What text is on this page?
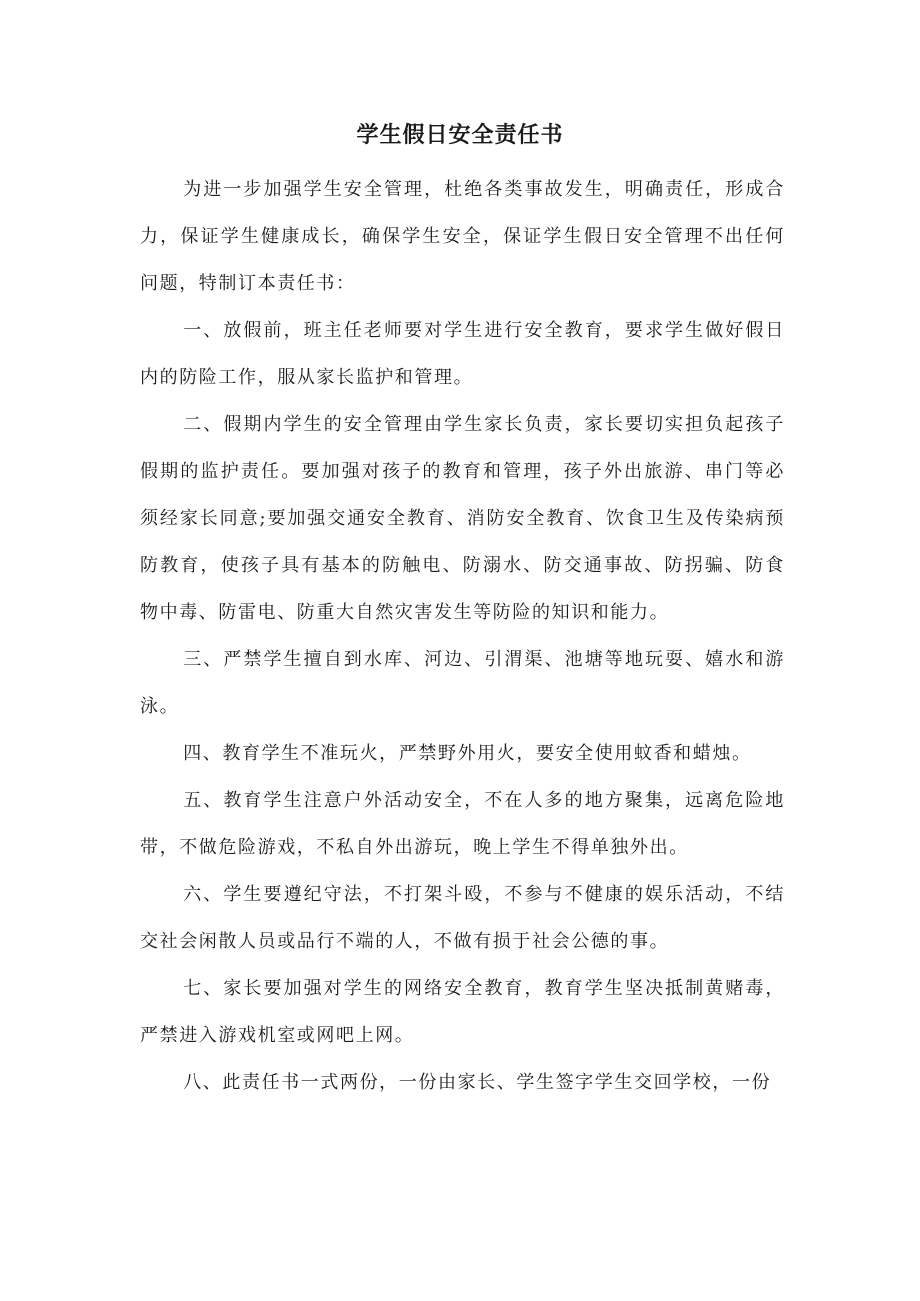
学生假日安全责任书

为进一步加强学生安全管理，杜绝各类事故发生，明确责任，形成合力，保证学生健康成长，确保学生安全，保证学生假日安全管理不出任何问题，特制订本责任书：

一、放假前，班主任老师要对学生进行安全教育，要求学生做好假日内的防险工作，服从家长监护和管理。

二、假期内学生的安全管理由学生家长负责，家长要切实担负起孩子假期的监护责任。要加强对孩子的教育和管理，孩子外出旅游、串门等必须经家长同意;要加强交通安全教育、消防安全教育、饮食卫生及传染病预防教育，使孩子具有基本的防触电、防溺水、防交通事故、防拐骗、防食物中毒、防雷电、防重大自然灾害发生等防险的知识和能力。

三、严禁学生擅自到水库、河边、引渭渠、池塘等地玩耍、嬉水和游泳。

四、教育学生不准玩火，严禁野外用火，要安全使用蚊香和蜡烛。

五、教育学生注意户外活动安全，不在人多的地方聚集，远离危险地带，不做危险游戏，不私自外出游玩，晚上学生不得单独外出。

六、学生要遵纪守法，不打架斗殴，不参与不健康的娱乐活动，不结交社会闲散人员或品行不端的人，不做有损于社会公德的事。

七、家长要加强对学生的网络安全教育，教育学生坚决抵制黄赌毒，严禁进入游戏机室或网吧上网。

八、此责任书一式两份，一份由家长、学生签字学生交回学校，一份
